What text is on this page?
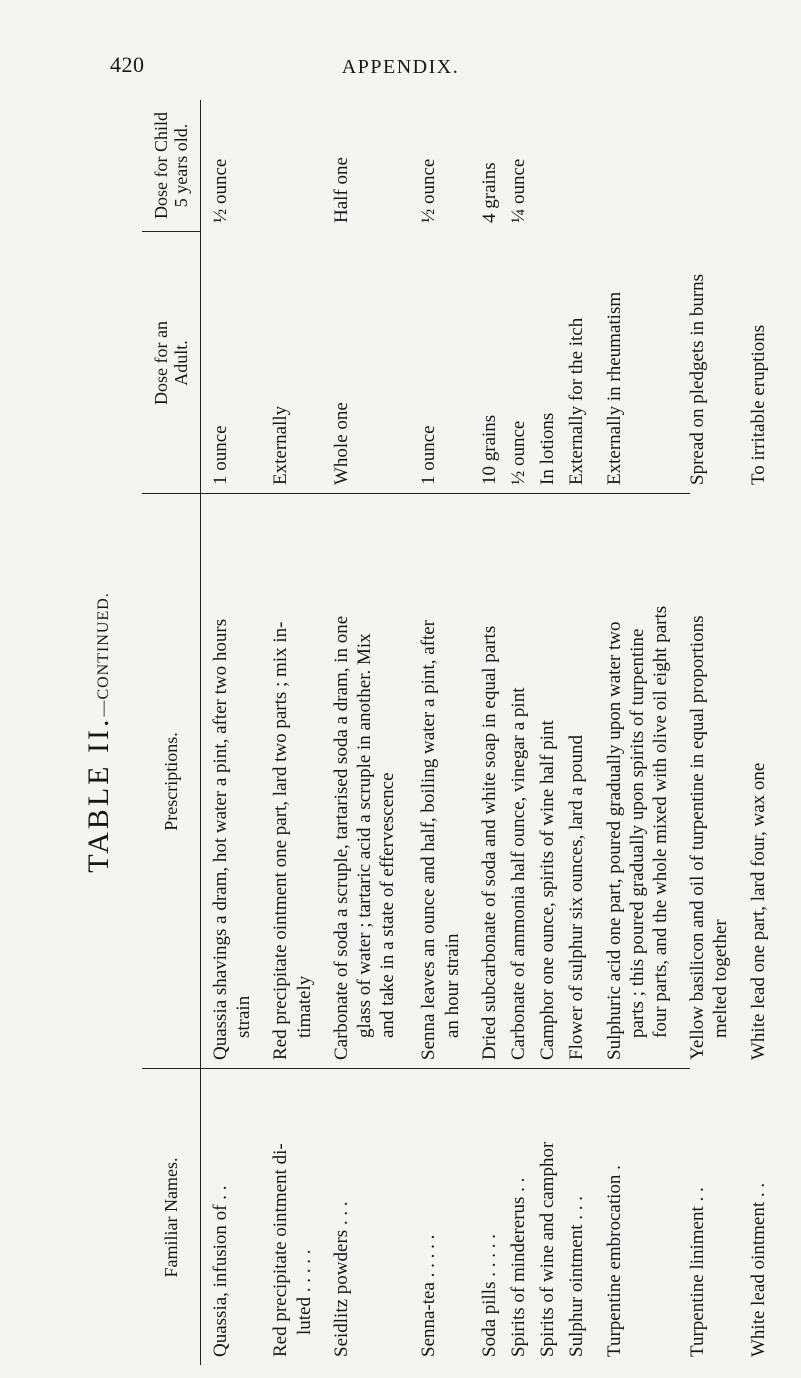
420	APPENDIX.
TABLE II.—CONTINUED.
Familiar Names.
Prescriptions.
Dose for an Adult.
Dose for Child 5 years old.
Quassia, infusion of . .
Quassia shavings a dram, hot water a pint, after two hours strain
1 ounce
½ ounce
Red precipitate ointment di- luted . . . . .
Red precipitate ointment one part, lard two parts ; mix in- timately
Externally
Seidlitz powders . . .
Carbonate of soda a scruple, tartarised soda a dram, in one glass of water ; tartaric acid a scruple in another. Mix and take in a state of effervescence
Whole one
Half one
Senna-tea . . . . .
Senna leaves an ounce and half, boiling water a pint, after an hour strain
1 ounce
½ ounce
Soda pills . . . . .
Dried subcarbonate of soda and white soap in equal parts
10 grains
4 grains
Spirits of mindererus . .
Carbonate of ammonia half ounce, vinegar a pint
½ ounce
¼ ounce
Spirits of wine and camphor
Camphor one ounce, spirits of wine half pint
In lotions
Sulphur ointment . . .
Flower of sulphur six ounces, lard a pound
Externally for the itch
Turpentine embrocation .
Sulphuric acid one part, poured gradually upon water two parts ; this poured gradually upon spirits of turpentine four parts, and the whole mixed with olive oil eight parts
Externally in rheumatism
Turpentine liniment . .
Yellow basilicon and oil of turpentine in equal proportions melted together
Spread on pledgets in burns
White lead ointment . .
White lead one part, lard four, wax one
To irritable eruptions
